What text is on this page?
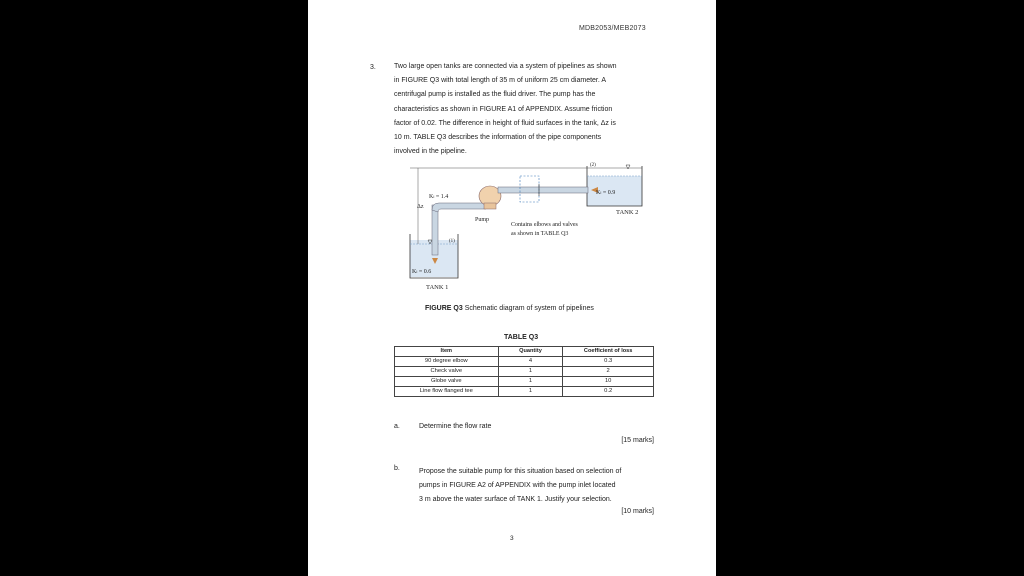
MDB2053/MEB2073
3.	Two large open tanks are connected via a system of pipelines as shown

in FIGURE Q3 with total length of 35 m of uniform 25 cm diameter. A

centrifugal pump is installed as the fluid driver. The pump has the

characteristics as shown in FIGURE A1 of APPENDIX. Assume friction

factor of 0.02. The difference in height of fluid surfaces in the tank, Δz is

10 m. TABLE Q3 describes the information of the pipe components

involved in the pipeline.

Kₗ = 0.6
Kₗ = 1.4
Kₗ = 0.9
Δz
TANK 1
TANK 2
Pump
(1)
(2)
Contains elbows and valves
as shown in TABLE Q3
FIGURE Q3 Schematic diagram of system of pipelines
TABLE Q3
Item	Quantity	Coefficient of loss
90 degree elbow	4	0.3
Check valve	1	2
Globe valve	1	10
Line flow flanged tee	1	0.2
a.	Determine the flow rate
[15 marks]
b.	Propose the suitable pump for this situation based on selection of
pumps in FIGURE A2 of APPENDIX with the pump inlet located
3 m above the water surface of TANK 1. Justify your selection.
[10 marks]
3
